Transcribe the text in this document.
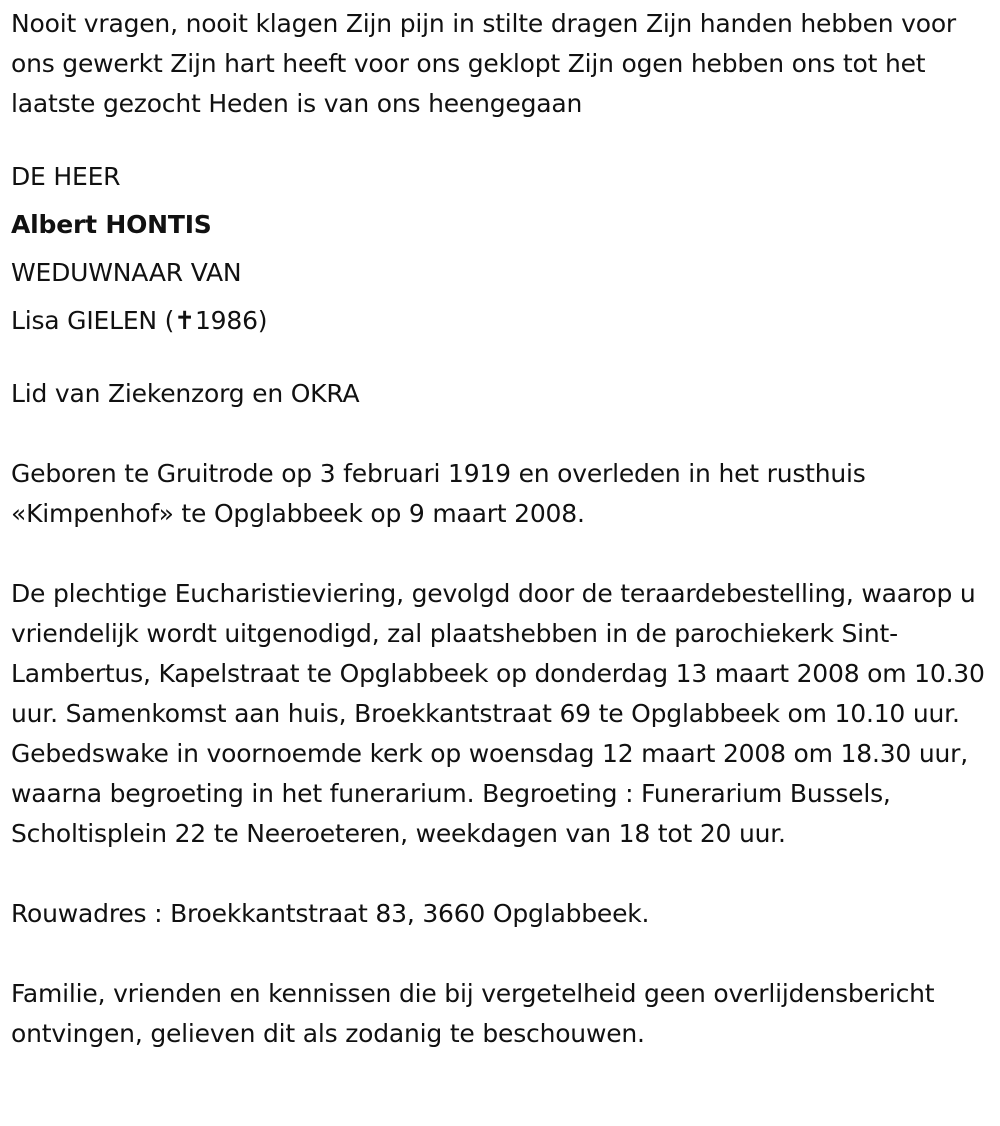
Nooit vragen, nooit klagen Zijn pijn in stilte dragen Zijn handen hebben voor ons gewerkt Zijn hart heeft voor ons geklopt Zijn ogen hebben ons tot het laatste gezocht Heden is van ons heengegaan

DE HEER

Albert HONTIS

WEDUWNAAR VAN

Lisa GIELEN (✝1986)

Lid van Ziekenzorg en OKRA

Geboren te Gruitrode op 3 februari 1919 en overleden in het rusthuis «Kimpenhof» te Opglabbeek op 9 maart 2008.

De plechtige Eucharistieviering, gevolgd door de teraardebestelling, waarop u vriendelijk wordt uitgenodigd, zal plaatshebben in de parochiekerk Sint-Lambertus, Kapelstraat te Opglabbeek op donderdag 13 maart 2008 om 10.30 uur. Samenkomst aan huis, Broekkantstraat 69 te Opglabbeek om 10.10 uur. Gebedswake in voornoemde kerk op woensdag 12 maart 2008 om 18.30 uur, waarna begroeting in het funerarium. Begroeting : Funerarium Bussels, Scholtisplein 22 te Neeroeteren, weekdagen van 18 tot 20 uur.

Rouwadres : Broekkantstraat 83, 3660 Opglabbeek.

Familie, vrienden en kennissen die bij vergetelheid geen overlijdensbericht ontvingen, gelieven dit als zodanig te beschouwen.
